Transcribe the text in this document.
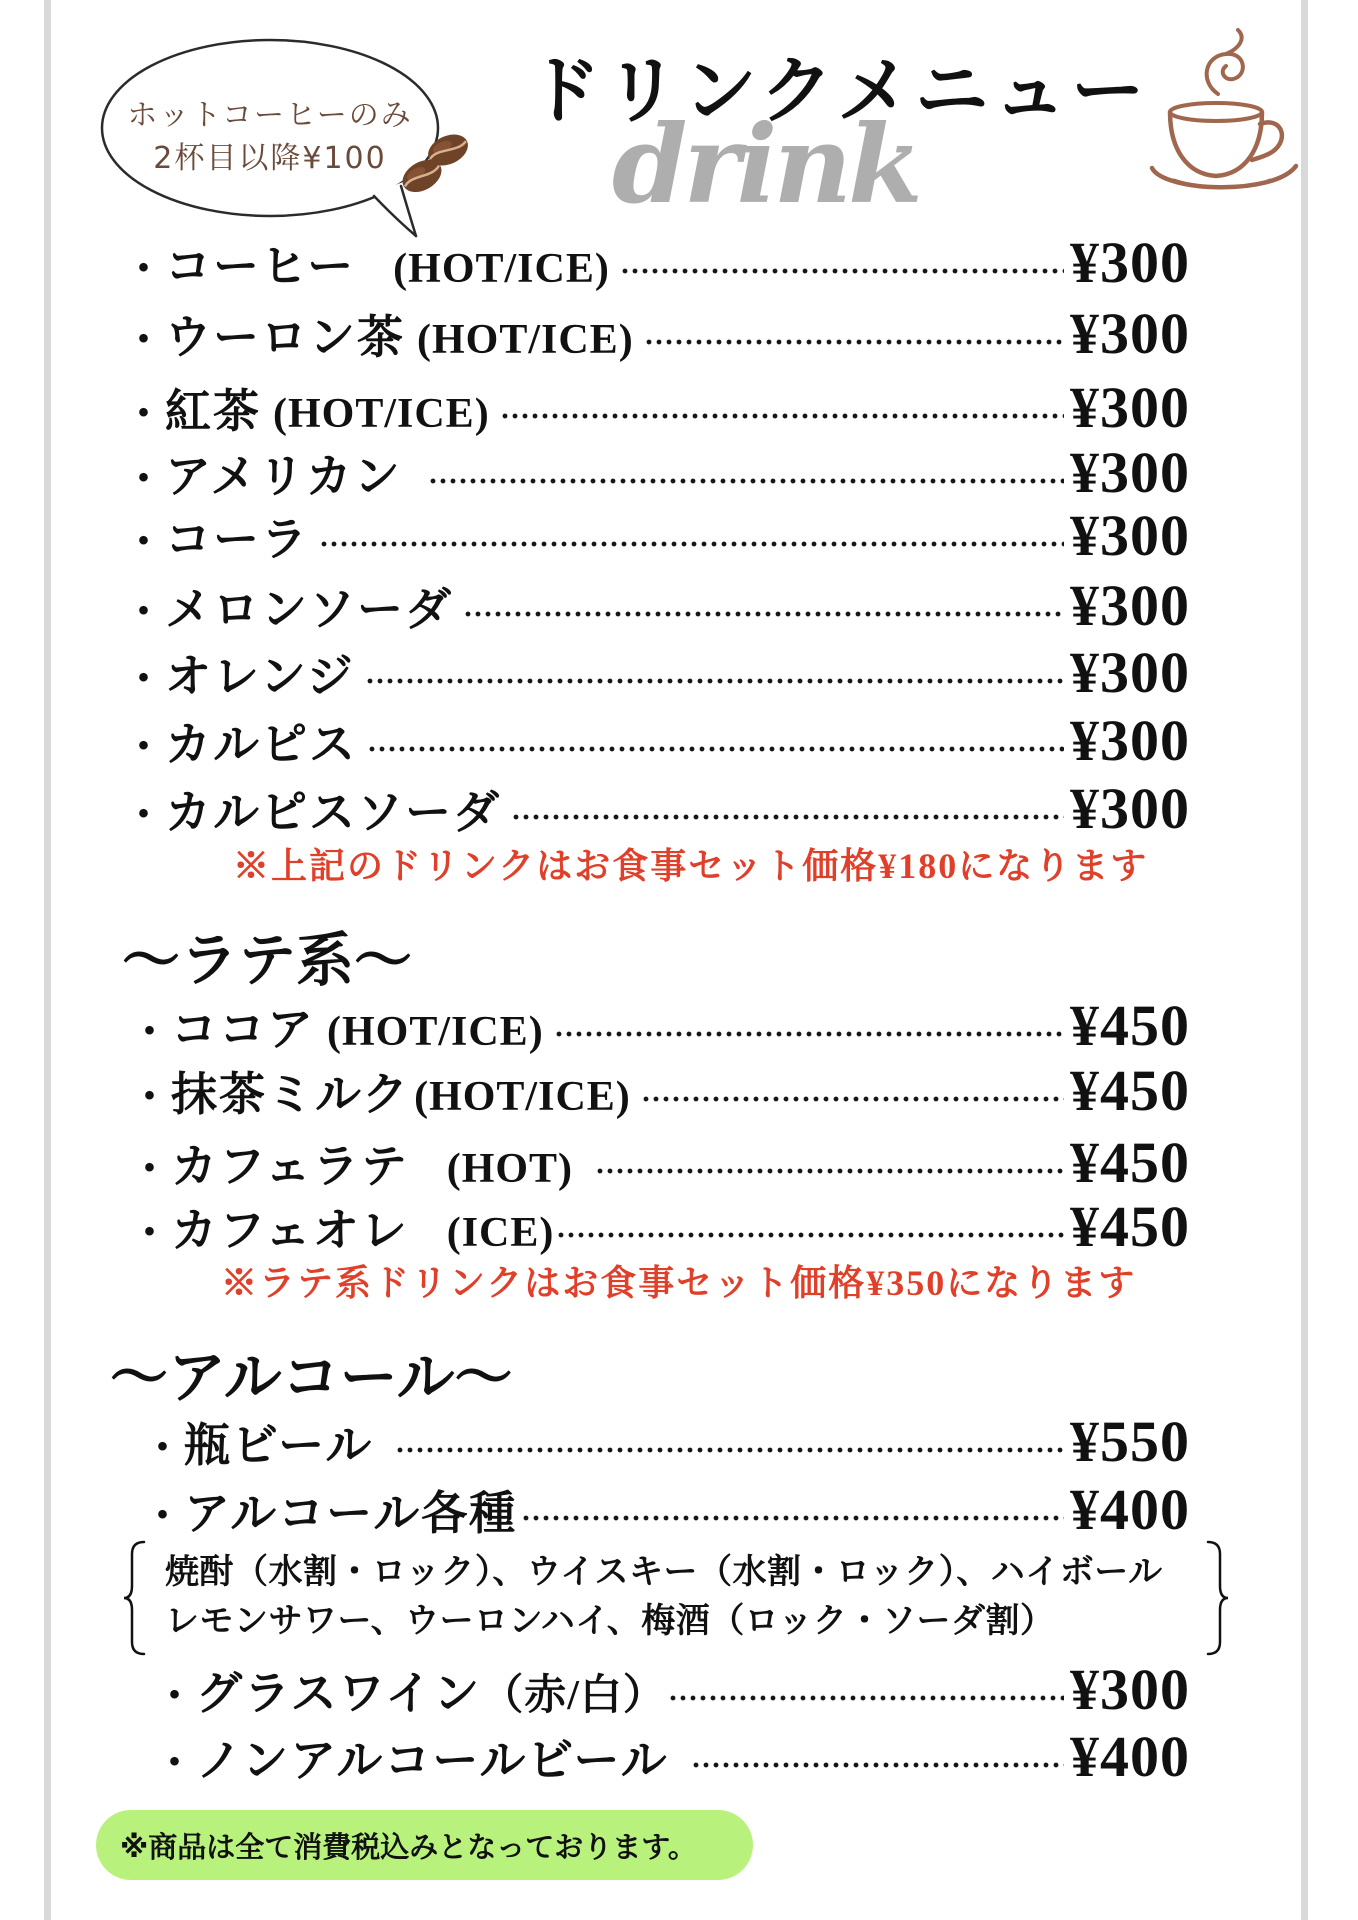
ホットコーヒーのみ
2杯目以降¥100	drink
ドリンクメニュー
・ コーヒー (HOT/ICE)	¥300
・ ウーロン茶 (HOT/ICE)	¥300
・ 紅茶 (HOT/ICE)	¥300
・ アメリカン	¥300
・ コーラ	¥300
・ メロンソーダ	¥300
・ オレンジ	¥300
・ カルピス	¥300
・ カルピスソーダ	¥300
※上記のドリンクはお食事セット価格¥180になります
～ラテ系～
・ ココア (HOT/ICE)	¥450
・ 抹茶ミルク (HOT/ICE)	¥450
・ カフェラテ (HOT)	¥450
・ カフェオレ (ICE)	¥450
※ラテ系ドリンクはお食事セット価格¥350になります
～アルコール～
・ 瓶ビール	¥550
・ アルコール各種	¥400
焼酎（水割・ロック）、ウイスキー（水割・ロック）、ハイボール
レモンサワー、ウーロンハイ、梅酒（ロック・ソーダ割）
・ グラスワイン （赤/白）	¥300
・ ノンアルコールビール	¥400
※商品は全て消費税込みとなっております。
